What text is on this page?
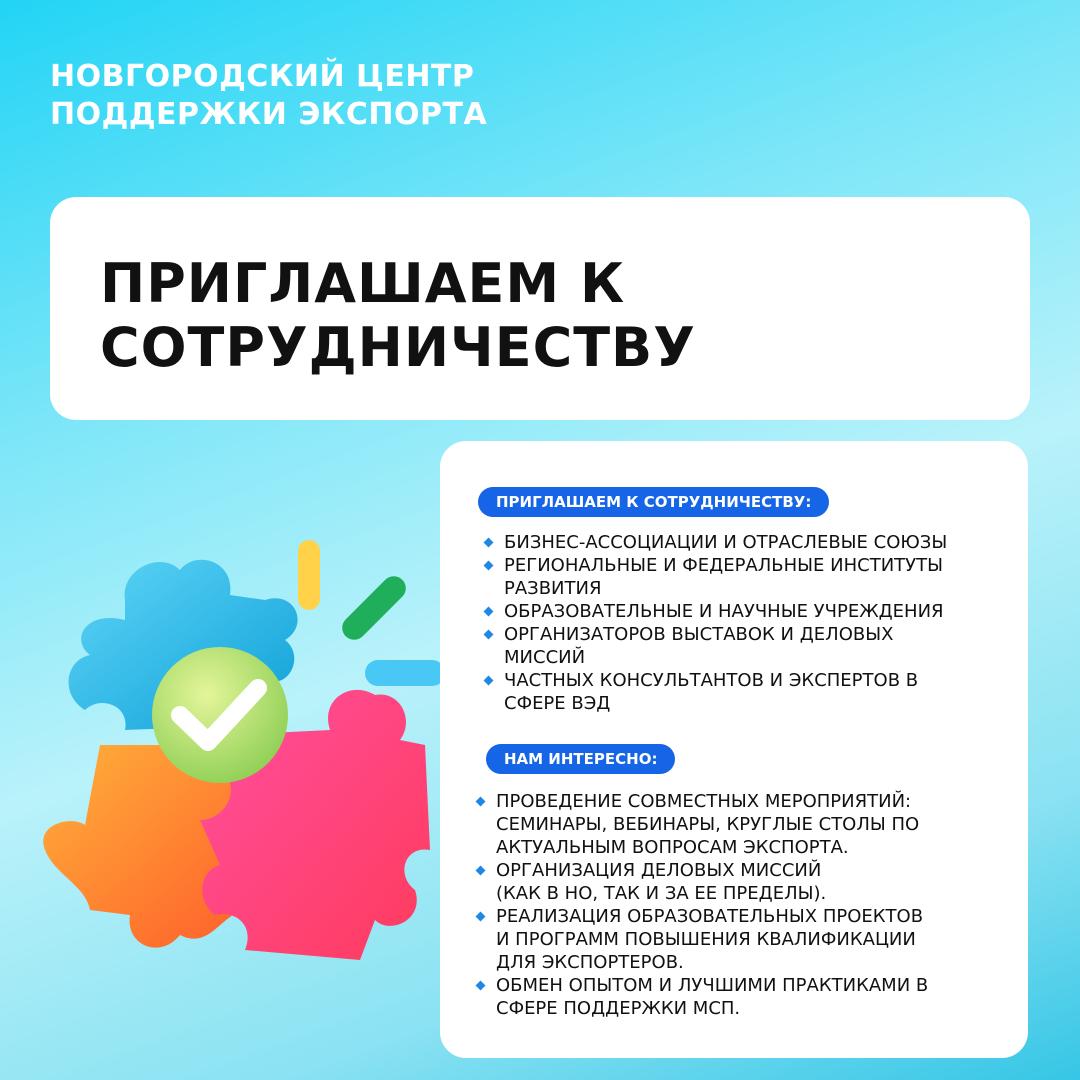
НОВГОРОДСКИЙ ЦЕНТР
ПОДДЕРЖКИ ЭКСПОРТА
ПРИГЛАШАЕМ К
СОТРУДНИЧЕСТВУ
ПРИГЛАШАЕМ К СОТРУДНИЧЕСТВУ:
БИЗНЕС-АССОЦИАЦИИ И ОТРАСЛЕВЫЕ СОЮЗЫ
РЕГИОНАЛЬНЫЕ И ФЕДЕРАЛЬНЫЕ ИНСТИТУТЫ
РАЗВИТИЯ
ОБРАЗОВАТЕЛЬНЫЕ И НАУЧНЫЕ УЧРЕЖДЕНИЯ
ОРГАНИЗАТОРОВ ВЫСТАВОК И ДЕЛОВЫХ
МИССИЙ
ЧАСТНЫХ КОНСУЛЬТАНТОВ И ЭКСПЕРТОВ В
СФЕРЕ ВЭД
НАМ ИНТЕРЕСНО:
ПРОВЕДЕНИЕ СОВМЕСТНЫХ МЕРОПРИЯТИЙ:
СЕМИНАРЫ, ВЕБИНАРЫ, КРУГЛЫЕ СТОЛЫ ПО
АКТУАЛЬНЫМ ВОПРОСАМ ЭКСПОРТА.
ОРГАНИЗАЦИЯ ДЕЛОВЫХ МИССИЙ
(КАК В НО, ТАК И ЗА ЕЕ ПРЕДЕЛЫ).
РЕАЛИЗАЦИЯ ОБРАЗОВАТЕЛЬНЫХ ПРОЕКТОВ
И ПРОГРАММ ПОВЫШЕНИЯ КВАЛИФИКАЦИИ
ДЛЯ ЭКСПОРТЕРОВ.
ОБМЕН ОПЫТОМ И ЛУЧШИМИ ПРАКТИКАМИ В
СФЕРЕ ПОДДЕРЖКИ МСП.
